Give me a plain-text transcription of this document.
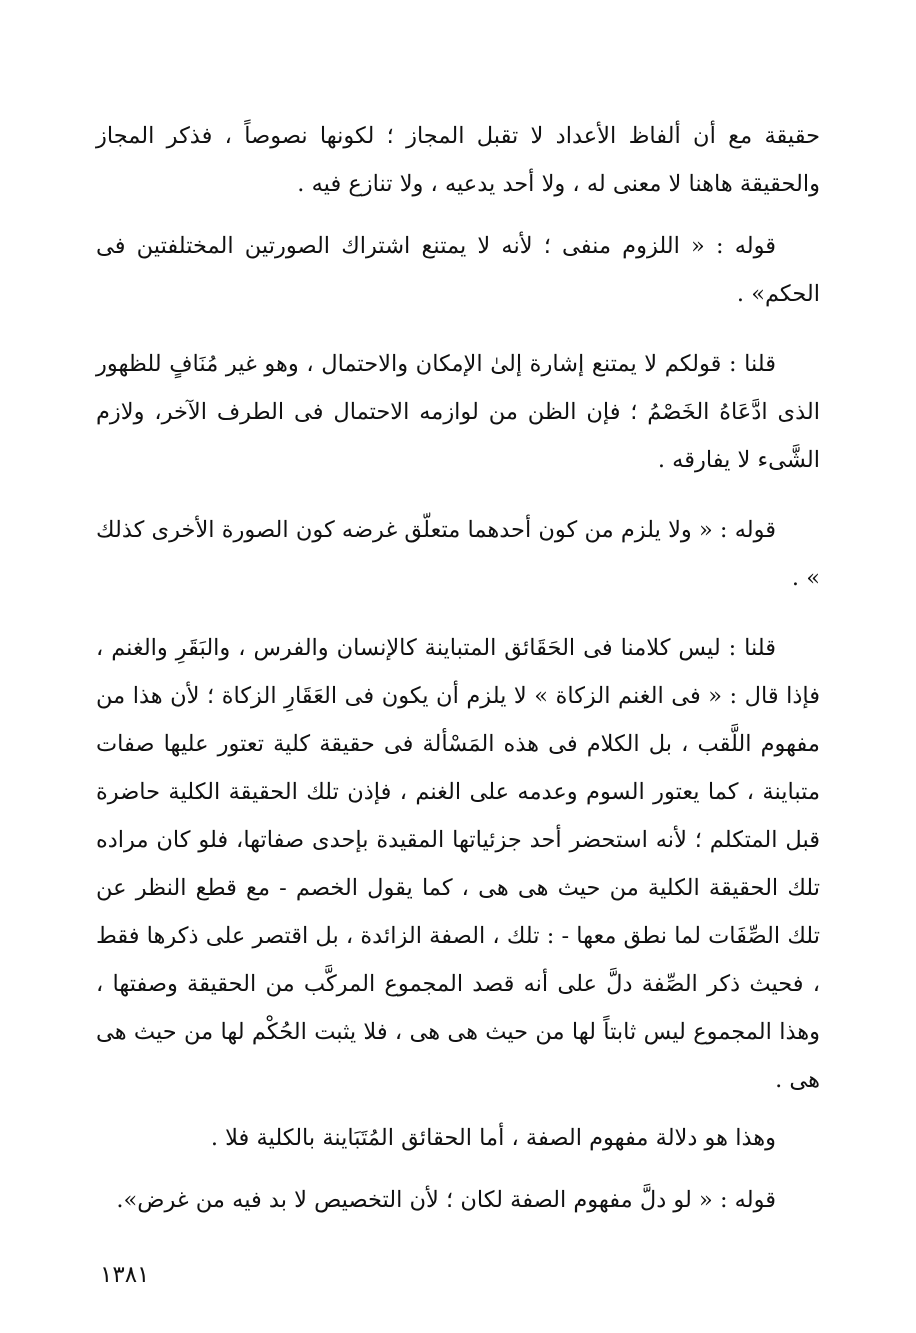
حقيقة مع أن ألفاظ الأعداد لا تقبل المجاز ؛ لكونها نصوصاً ، فذكر المجاز والحقيقة هاهنا لا معنى له ، ولا أحد يدعيه ، ولا تنازع فيه .

قوله : « اللزوم منفى ؛ لأنه لا يمتنع اشتراك الصورتين المختلفتين فى الحكم» .

قلنا : قولكم لا يمتنع إشارة إلىٰ الإمكان والاحتمال ، وهو غير مُنَافٍ للظهور الذى ادَّعَاهُ الخَصْمُ ؛ فإن الظن من لوازمه الاحتمال فى الطرف الآخر، ولازم الشَّىء لا يفارقه .

قوله : « ولا يلزم من كون أحدهما متعلّق غرضه كون الصورة الأخرى كذلك » .

قلنا : ليس كلامنا فى الحَقَائق المتباينة كالإنسان والفرس ، والبَقَرِ والغنم ، فإذا قال : « فى الغنم الزكاة » لا يلزم أن يكون فى العَقَارِ الزكاة ؛ لأن هذا من مفهوم اللَّقب ، بل الكلام فى هذه المَسْألة فى حقيقة كلية تعتور عليها صفات متباينة ، كما يعتور السوم وعدمه على الغنم ، فإذن تلك الحقيقة الكلية حاضرة قبل المتكلم ؛ لأنه استحضر أحد جزئياتها المقيدة بإحدى صفاتها، فلو كان مراده تلك الحقيقة الكلية من حيث هى هى ، كما يقول الخصم - مع قطع النظر عن تلك الصِّفَات لما نطق معها - : تلك ، الصفة الزائدة ، بل اقتصر على ذكرها فقط ، فحيث ذكر الصِّفة دلَّ على أنه قصد المجموع المركَّب من الحقيقة وصفتها ، وهذا المجموع ليس ثابتاً لها من حيث هى هى ، فلا يثبت الحُكْم لها من حيث هى هى .

وهذا هو دلالة مفهوم الصفة ، أما الحقائق المُتَبَاينة بالكلية فلا .

قوله : « لو دلَّ مفهوم الصفة لكان ؛ لأن التخصيص لا بد فيه من غرض».

١٣٨١
